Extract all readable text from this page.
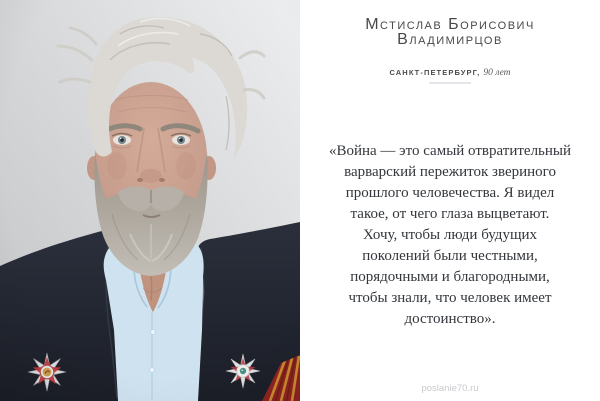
Мстислав Борисович
Владимирцов
САНКТ-ПЕТЕРБУРГ, 90 лет
«Война — это самый отвратительный
варварский пережиток звериного
прошлого человечества. Я видел
такое, от чего глаза выцветают.
Хочу, чтобы люди будущих
поколений были честными,
порядочными и благородными,
чтобы знали, что человек имеет
достоинство».
poslanie70.ru
